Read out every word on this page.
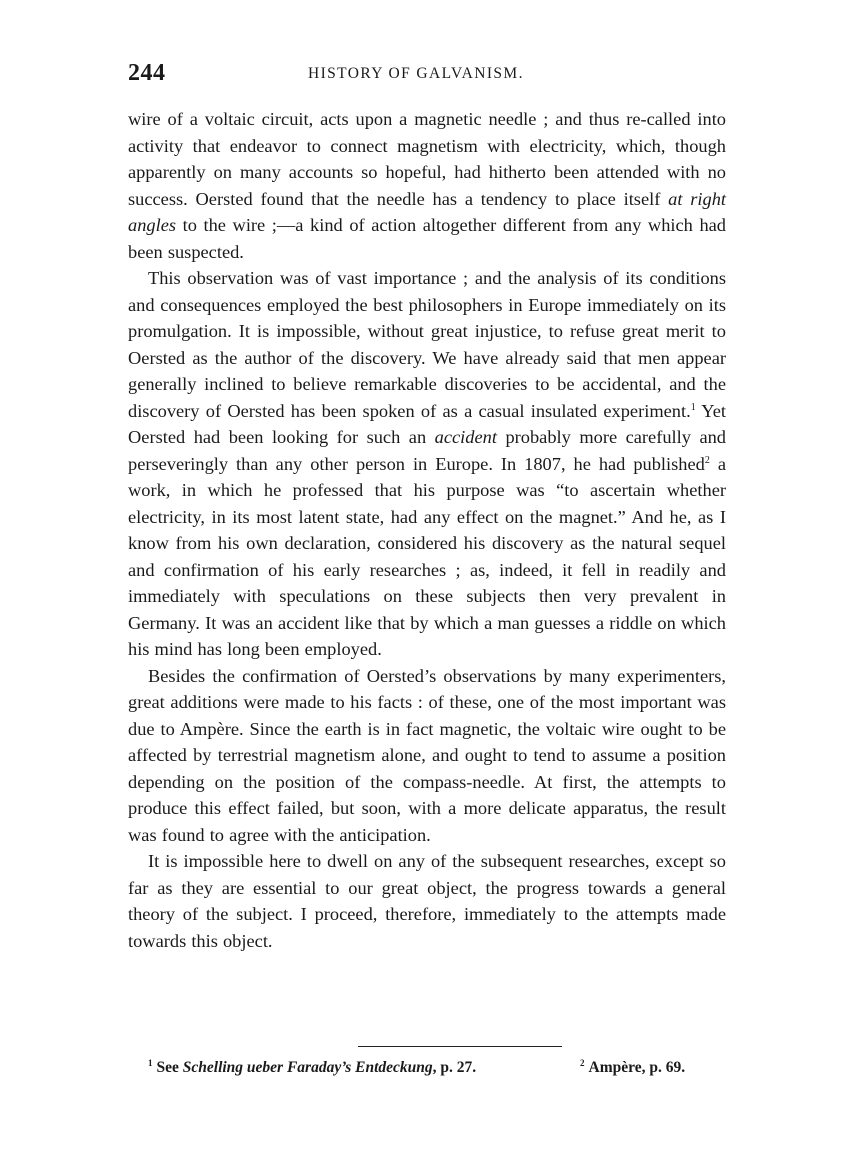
244	HISTORY OF GALVANISM.

wire of a voltaic circuit, acts upon a magnetic needle ; and thus re-called into activity that endeavor to connect magnetism with electricity, which, though apparently on many accounts so hopeful, had hitherto been attended with no success. Oersted found that the needle has a tendency to place itself at right angles to the wire ;—a kind of action altogether different from any which had been suspected.

This observation was of vast importance ; and the analysis of its conditions and consequences employed the best philosophers in Europe immediately on its promulgation. It is impossible, without great injustice, to refuse great merit to Oersted as the author of the discovery. We have already said that men appear generally inclined to believe remarkable discoveries to be accidental, and the discovery of Oersted has been spoken of as a casual insulated experiment.$^1$ Yet Oersted had been looking for such an accident probably more carefully and perseveringly than any other person in Europe. In 1807, he had published$^2$ a work, in which he professed that his purpose was “to ascertain whether electricity, in its most latent state, had any effect on the magnet.” And he, as I know from his own declaration, considered his discovery as the natural sequel and confirmation of his early researches ; as, indeed, it fell in readily and immediately with speculations on these subjects then very prevalent in Germany. It was an accident like that by which a man guesses a riddle on which his mind has long been employed.

Besides the confirmation of Oersted’s observations by many experimenters, great additions were made to his facts : of these, one of the most important was due to Ampère. Since the earth is in fact magnetic, the voltaic wire ought to be affected by terrestrial magnetism alone, and ought to tend to assume a position depending on the position of the compass-needle. At first, the attempts to produce this effect failed, but soon, with a more delicate apparatus, the result was found to agree with the anticipation.

It is impossible here to dwell on any of the subsequent researches, except so far as they are essential to our great object, the progress towards a general theory of the subject. I proceed, therefore, immediately to the attempts made towards this object.

$^1$ See Schelling ueber Faraday’s Entdeckung, p. 27.	$^2$ Ampère, p. 69.
